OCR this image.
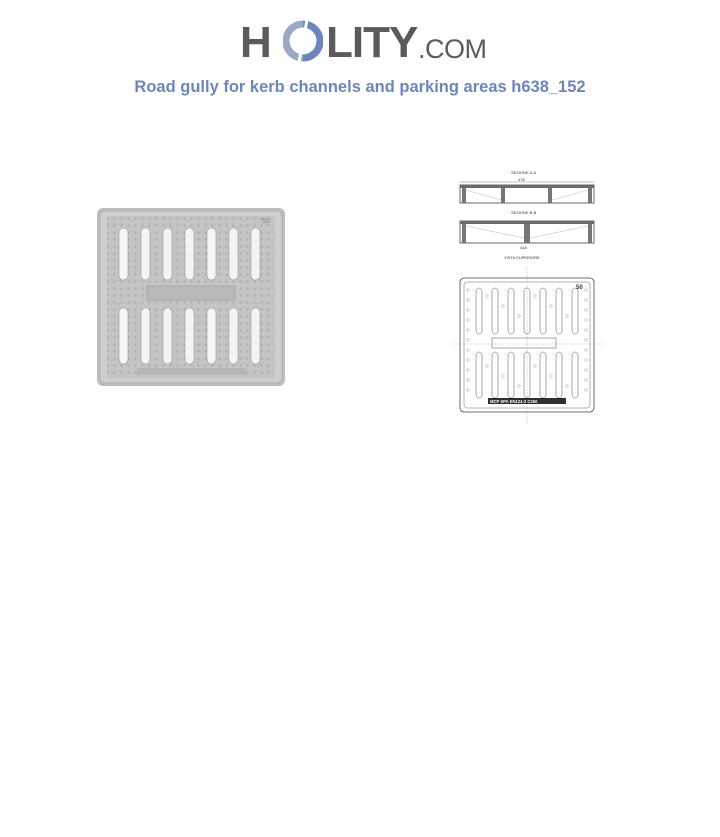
H LITY .COM
Road gully for kerb channels and parking areas h638_152
50
SEZIONE A-A
478
SEZIONE B-B
418
VISTA SUPERIORE
MCP SPA EN124-2 C250
50
